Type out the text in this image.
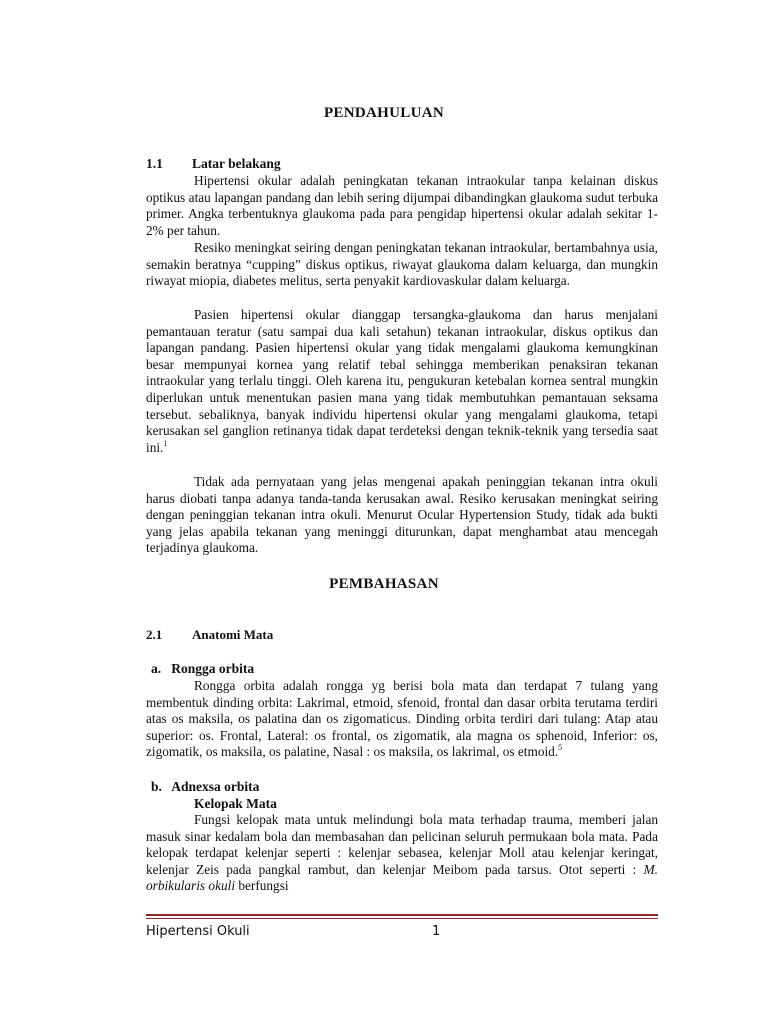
PENDAHULUAN
1.1 Latar belakang

Hipertensi okular adalah peningkatan tekanan intraokular tanpa kelainan diskus optikus atau lapangan pandang dan lebih sering dijumpai dibandingkan glaukoma sudut terbuka primer. Angka terbentuknya glaukoma pada para pengidap hipertensi okular adalah sekitar 1-2% per tahun.

Resiko meningkat seiring dengan peningkatan tekanan intraokular, bertambahnya usia, semakin beratnya “cupping” diskus optikus, riwayat glaukoma dalam keluarga, dan mungkin riwayat miopia, diabetes melitus, serta penyakit kardiovaskular dalam keluarga.

Pasien hipertensi okular dianggap tersangka-glaukoma dan harus menjalani pemantauan teratur (satu sampai dua kali setahun) tekanan intraokular, diskus optikus dan lapangan pandang. Pasien hipertensi okular yang tidak mengalami glaukoma kemungkinan besar mempunyai kornea yang relatif tebal sehingga memberikan penaksiran tekanan intraokular yang terlalu tinggi. Oleh karena itu, pengukuran ketebalan kornea sentral mungkin diperlukan untuk menentukan pasien mana yang tidak membutuhkan pemantauan seksama tersebut. sebaliknya, banyak individu hipertensi okular yang mengalami glaukoma, tetapi kerusakan sel ganglion retinanya tidak dapat terdeteksi dengan teknik-teknik yang tersedia saat ini.$^1$

Tidak ada pernyataan yang jelas mengenai apakah peninggian tekanan intra okuli harus diobati tanpa adanya tanda-tanda kerusakan awal. Resiko kerusakan meningkat seiring dengan peninggian tekanan intra okuli. Menurut Ocular Hypertension Study, tidak ada bukti yang jelas apabila tekanan yang meninggi diturunkan, dapat menghambat atau mencegah terjadinya glaukoma.

PEMBAHASAN
2.1 Anatomi Mata
a.   Rongga orbita

Rongga orbita adalah rongga yg berisi bola mata dan terdapat 7 tulang yang membentuk dinding orbita: Lakrimal, etmoid, sfenoid, frontal dan dasar orbita terutama terdiri atas os maksila, os palatina dan os zigomaticus. Dinding orbita terdiri dari tulang: Atap atau superior: os. Frontal, Lateral: os frontal, os zigomatik, ala magna os sphenoid, Inferior: os, zigomatik, os maksila, os palatine, Nasal : os maksila, os lakrimal, os etmoid.$^5$

b.   Adnexsa orbita
Kelopak Mata

Fungsi kelopak mata untuk melindungi bola mata terhadap trauma, memberi jalan masuk sinar kedalam bola dan membasahan dan pelicinan seluruh permukaan bola mata. Pada kelopak terdapat kelenjar seperti : kelenjar sebasea, kelenjar Moll atau kelenjar keringat, kelenjar Zeis pada pangkal rambut, dan kelenjar Meibom pada tarsus. Otot seperti : M. orbikularis okuli berfungsi

Hipertensi Okuli	1
